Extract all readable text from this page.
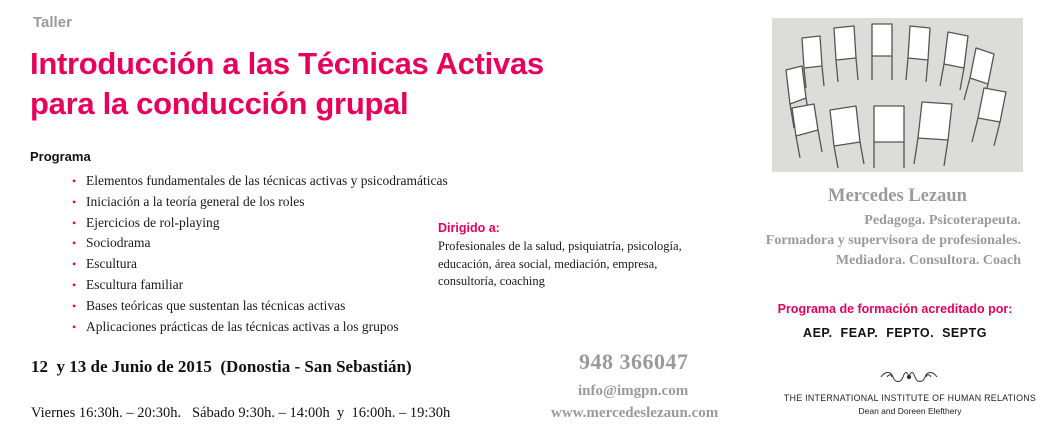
Taller
Introducción a las Técnicas Activas
para la conducción grupal
Programa
• Elementos fundamentales de las técnicas activas y psicodramáticas
• Iniciación a la teoría general de los roles
• Ejercicios de rol-playing
• Sociodrama
• Escultura
• Escultura familiar
• Bases teóricas que sustentan las técnicas activas
• Aplicaciones prácticas de las técnicas activas a los grupos
Dirigido a:
Profesionales de la salud, psiquiatría, psicología,
educación, área social, mediación, empresa,
consultoría, coaching
12  y 13 de Junio de 2015  (Donostia - San Sebastián)
Viernes 16:30h. – 20:30h.   Sábado 9:30h. – 14:00h  y  16:00h. – 19:30h
948 366047
info@imgpn.com
www.mercedeslezaun.com
Mercedes Lezaun
Pedagoga. Psicoterapeuta.
Formadora y supervisora de profesionales.
Mediadora. Consultora. Coach
Programa de formación acreditado por:
AEP.  FEAP.  FEPTO.  SEPTG
THE INTERNATIONAL INSTITUTE OF HUMAN RELATIONS
Dean and Doreen Elefthery
